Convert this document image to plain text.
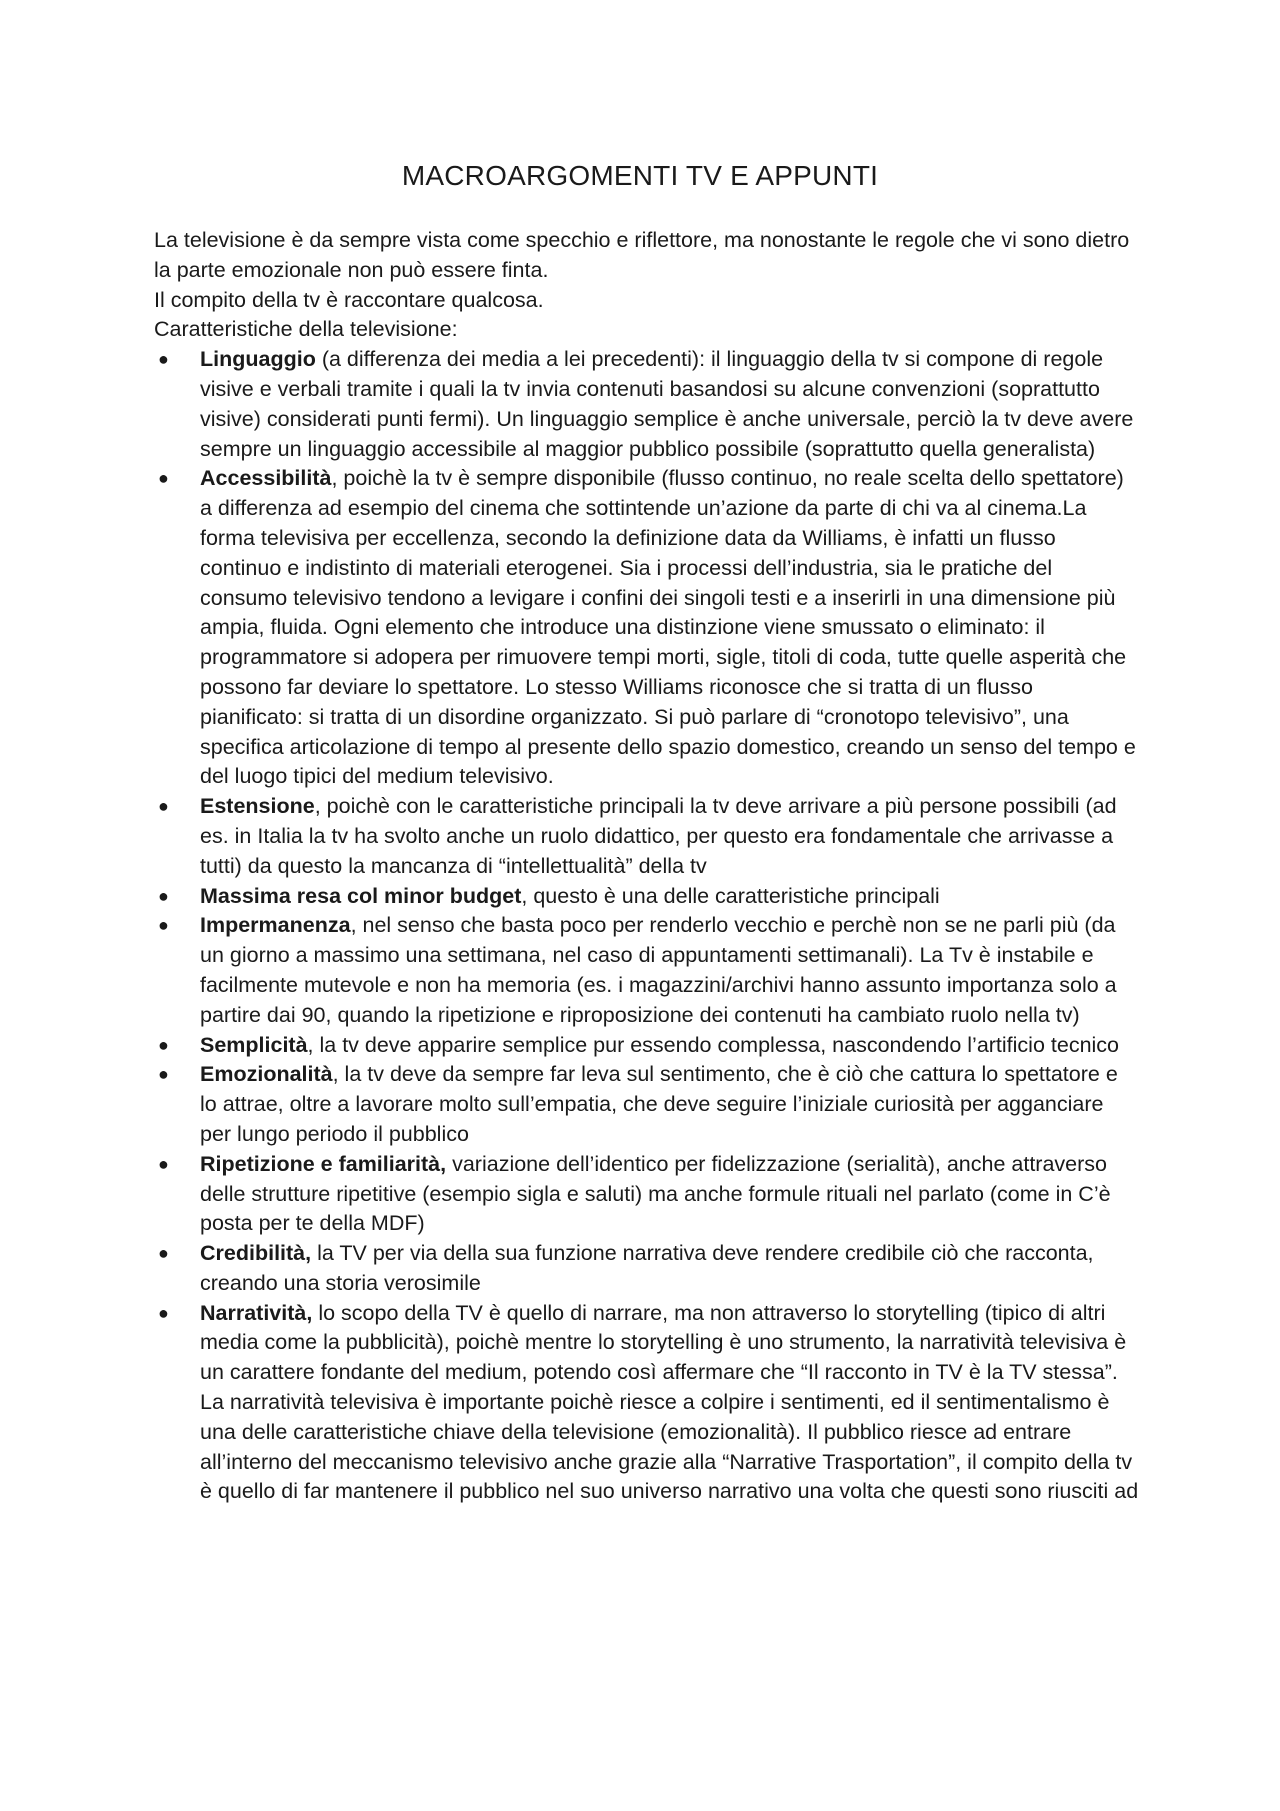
MACROARGOMENTI TV E APPUNTI

La televisione è da sempre vista come specchio e riflettore, ma nonostante le regole che vi sono dietro la parte emozionale non può essere finta.

Il compito della tv è raccontare qualcosa.

Caratteristiche della televisione:

● Linguaggio (a differenza dei media a lei precedenti): il linguaggio della tv si compone di regole visive e verbali tramite i quali la tv invia contenuti basandosi su alcune convenzioni (soprattutto visive) considerati punti fermi). Un linguaggio semplice è anche universale, perciò la tv deve avere sempre un linguaggio accessibile al maggior pubblico possibile (soprattutto quella generalista)
● Accessibilità, poichè la tv è sempre disponibile (flusso continuo, no reale scelta dello spettatore) a differenza ad esempio del cinema che sottintende un’azione da parte di chi va al cinema.La forma televisiva per eccellenza, secondo la definizione data da Williams, è infatti un flusso continuo e indistinto di materiali eterogenei. Sia i processi dell’industria, sia le pratiche del consumo televisivo tendono a levigare i confini dei singoli testi e a inserirli in una dimensione più ampia, fluida. Ogni elemento che introduce una distinzione viene smussato o eliminato: il programmatore si adopera per rimuovere tempi morti, sigle, titoli di coda, tutte quelle asperità che possono far deviare lo spettatore. Lo stesso Williams riconosce che si tratta di un flusso pianificato: si tratta di un disordine organizzato. Si può parlare di “cronotopo televisivo”, una specifica articolazione di tempo al presente dello spazio domestico, creando un senso del tempo e del luogo tipici del medium televisivo.
● Estensione, poichè con le caratteristiche principali la tv deve arrivare a più persone possibili (ad es. in Italia la tv ha svolto anche un ruolo didattico, per questo era fondamentale che arrivasse a tutti) da questo la mancanza di “intellettualità” della tv
● Massima resa col minor budget, questo è una delle caratteristiche principali
● Impermanenza, nel senso che basta poco per renderlo vecchio e perchè non se ne parli più (da un giorno a massimo una settimana, nel caso di appuntamenti settimanali). La Tv è instabile e facilmente mutevole e non ha memoria (es. i magazzini/archivi hanno assunto importanza solo a partire dai 90, quando la ripetizione e riproposizione dei contenuti ha cambiato ruolo nella tv)
● Semplicità, la tv deve apparire semplice pur essendo complessa, nascondendo l’artificio tecnico
● Emozionalità, la tv deve da sempre far leva sul sentimento, che è ciò che cattura lo spettatore e lo attrae, oltre a lavorare molto sull’empatia, che deve seguire l’iniziale curiosità per agganciare per lungo periodo il pubblico
● Ripetizione e familiarità, variazione dell’identico per fidelizzazione (serialità), anche attraverso delle strutture ripetitive (esempio sigla e saluti) ma anche formule rituali nel parlato (come in C’è posta per te della MDF)
● Credibilità, la TV per via della sua funzione narrativa deve rendere credibile ciò che racconta, creando una storia verosimile
● Narratività, lo scopo della TV è quello di narrare, ma non attraverso lo storytelling (tipico di altri media come la pubblicità), poichè mentre lo storytelling è uno strumento, la narratività televisiva è un carattere fondante del medium, potendo così affermare che “Il racconto in TV è la TV stessa”. La narratività televisiva è importante poichè riesce a colpire i sentimenti, ed il sentimentalismo è una delle caratteristiche chiave della televisione (emozionalità). Il pubblico riesce ad entrare all’interno del meccanismo televisivo anche grazie alla “Narrative Trasportation”, il compito della tv è quello di far mantenere il pubblico nel suo universo narrativo una volta che questi sono riusciti ad
